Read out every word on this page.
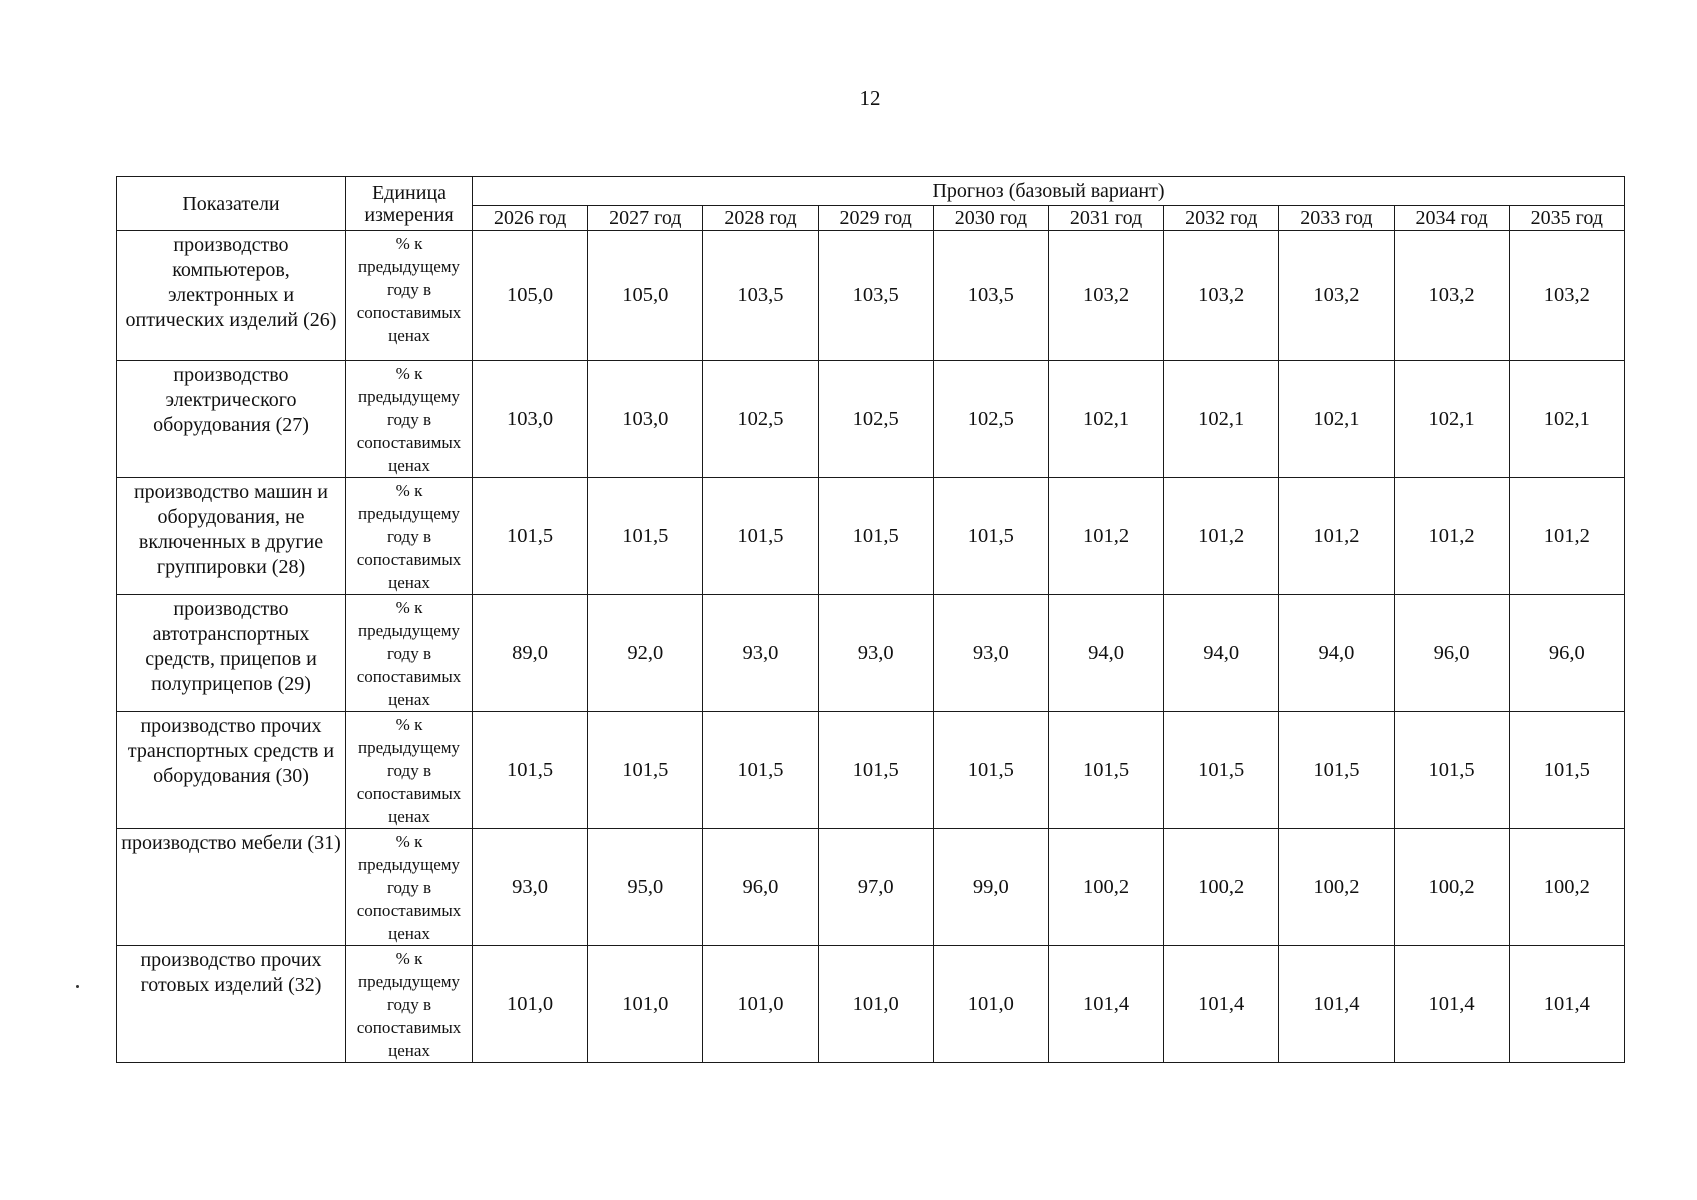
12
Показатели	Единица измерения	Прогноз (базовый вариант)									
		2026 год	2027 год	2028 год	2029 год	2030 год	2031 год	2032 год	2033 год	2034 год	2035 год
производство компьютеров, электронных и оптических изделий (26)	% к предыдущему году в сопоставимых ценах	105,0	105,0	103,5	103,5	103,5	103,2	103,2	103,2	103,2	103,2
производство электрического оборудования (27)	% к предыдущему году в сопоставимых ценах	103,0	103,0	102,5	102,5	102,5	102,1	102,1	102,1	102,1	102,1
производство машин и оборудования, не включенных в другие группировки (28)	% к предыдущему году в сопоставимых ценах	101,5	101,5	101,5	101,5	101,5	101,2	101,2	101,2	101,2	101,2
производство автотранспортных средств, прицепов и полуприцепов (29)	% к предыдущему году в сопоставимых ценах	89,0	92,0	93,0	93,0	93,0	94,0	94,0	94,0	96,0	96,0
производство прочих транспортных средств и оборудования (30)	% к предыдущему году в сопоставимых ценах	101,5	101,5	101,5	101,5	101,5	101,5	101,5	101,5	101,5	101,5
производство мебели (31)	% к предыдущему году в сопоставимых ценах	93,0	95,0	96,0	97,0	99,0	100,2	100,2	100,2	100,2	100,2
производство прочих готовых изделий (32)	% к предыдущему году в сопоставимых ценах	101,0	101,0	101,0	101,0	101,0	101,4	101,4	101,4	101,4	101,4
